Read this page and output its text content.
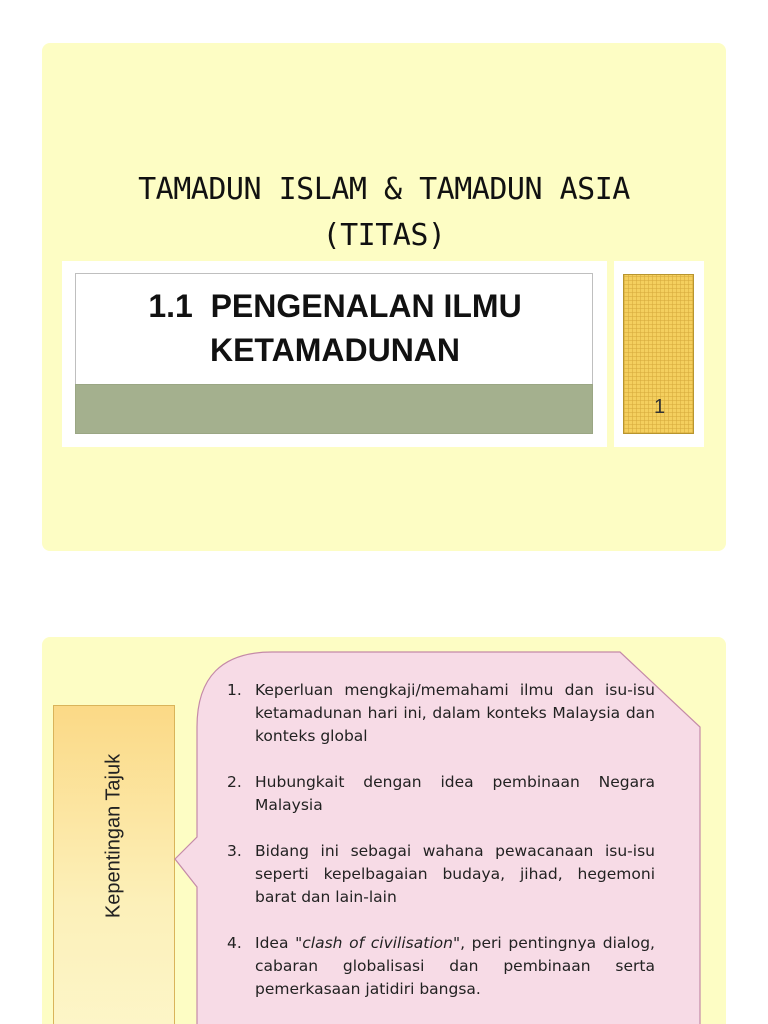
TAMADUN ISLAM & TAMADUN ASIA
(TITAS)
1.1  PENGENALAN ILMU
KETAMADUNAN
1
Kepentingan Tajuk
1. Keperluan mengkaji/memahami ilmu dan isu-isu ketamadunan hari ini, dalam konteks Malaysia dan konteks global
2. Hubungkait dengan idea pembinaan Negara Malaysia
3. Bidang ini sebagai wahana pewacanaan isu-isu seperti kepelbagaian budaya, jihad, hegemoni barat dan lain-lain
4. Idea "clash of civilisation", peri pentingnya dialog, cabaran globalisasi dan pembinaan serta pemerkasaan jatidiri bangsa.
